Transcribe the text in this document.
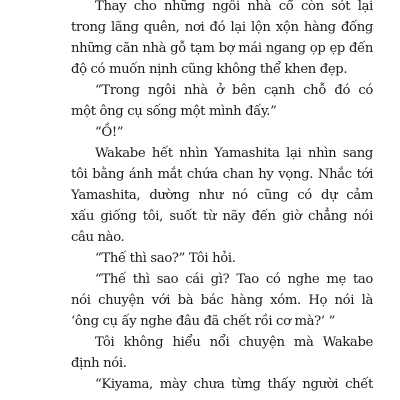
Thay cho những ngôi nhà cổ còn sót lại
trong lãng quên, nơi đó lại lộn xộn hàng đống
những căn nhà gỗ tạm bợ mái ngang ọp ẹp đến
độ có muốn nịnh cũng không thể khen đẹp.
“Trong ngôi nhà ở bên cạnh chỗ đó có
một ông cụ sống một mình đấy.”
“Ồ!”
Wakabe hết nhìn Yamashita lại nhìn sang
tôi bằng ánh mắt chứa chan hy vọng. Nhắc tới
Yamashita, dường như nó cũng có dự cảm
xấu giống tôi, suốt từ nãy đến giờ chẳng nói
câu nào.
“Thế thì sao?” Tôi hỏi.
“Thế thì sao cái gì? Tao có nghe mẹ tao
nói chuyện với bà bác hàng xóm. Họ nói là
‘ông cụ ấy nghe đâu đã chết rồi cơ mà?’ ”
Tôi không hiểu nổi chuyện mà Wakabe
định nói.
“Kiyama, mày chưa từng thấy người chết
